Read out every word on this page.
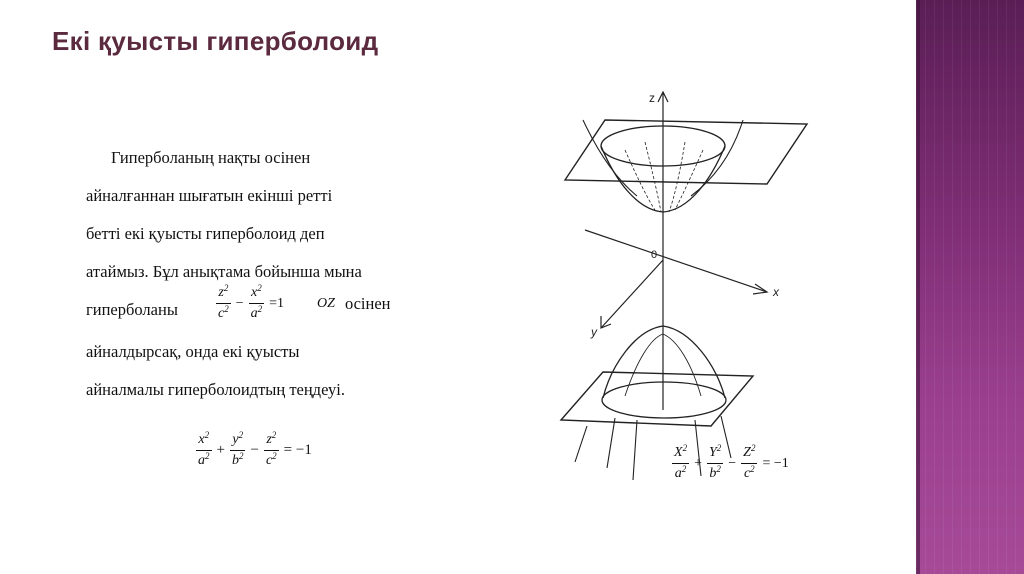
Екі қуысты гиперболоид
Гиперболаның нақты осінен
айналғаннан шығатын екінші ретті
бетті екі қуысты гиперболоид деп
атаймыз. Бұл анықтама бойынша мына
гиперболаны	$\frac{z^2}{c^2} - \frac{x^2}{a^2} =1$ OZ осінен
айналдырсақ, онда екі қуысты
айналмалы гиперболоидтың теңдеуі.
$\frac{x^2}{a^2} + \frac{y^2}{b^2} - \frac{z^2}{c^2} = -1$
z
x
y
0
$\frac{X^2}{a^2} + \frac{Y^2}{b^2} - \frac{Z^2}{c^2} = -1$
